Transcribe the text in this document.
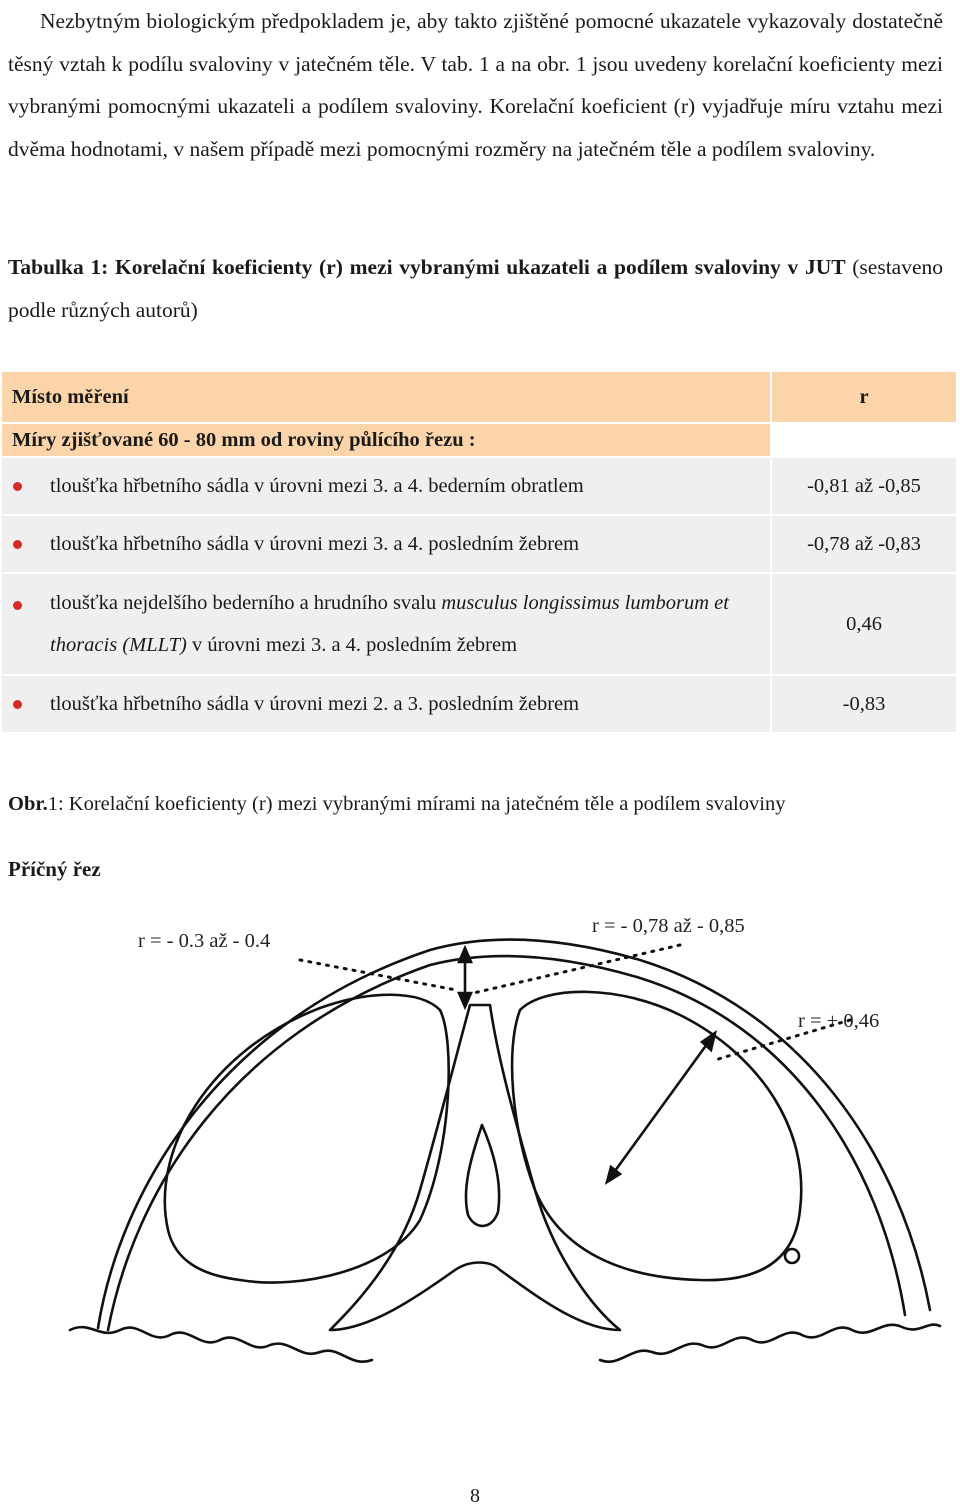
Nezbytným biologickým předpokladem je, aby takto zjištěné pomocné ukazatele vykazovaly dostatečně těsný vztah k podílu svaloviny v jatečném těle. V tab. 1 a na obr. 1 jsou uvedeny korelační koeficienty mezi vybranými pomocnými ukazateli a podílem svaloviny. Korelační koeficient (r) vyjadřuje míru vztahu mezi dvěma hodnotami, v našem případě mezi pomocnými rozměry na jatečném těle a podílem svaloviny.

Tabulka 1: Korelační koeficienty (r) mezi vybranými ukazateli a podílem svaloviny v JUT (sestaveno podle různých autorů)

Místo měření	r
Míry zjišťované 60 - 80 mm od roviny půlícího řezu :	

tloušťka hřbetního sádla v úrovni mezi 3. a 4. bederním obratlem	-0,81 až -0,85

tloušťka hřbetního sádla v úrovni mezi 3. a 4. posledním žebrem	-0,78 až -0,83

tloušťka nejdelšího bederního a hrudního svalu musculus longissimus lumborum et thoracis (MLLT) v úrovni mezi 3. a 4. posledním žebrem	0,46

tloušťka hřbetního sádla v úrovni mezi 2. a 3. posledním žebrem	-0,83

Obr.1: Korelační koeficienty (r) mezi vybranými mírami na jatečném těle a podílem svaloviny

Příčný řez

r = - 0.3 až - 0.4
r = - 0,78 až - 0,85
r = + 0,46
8
